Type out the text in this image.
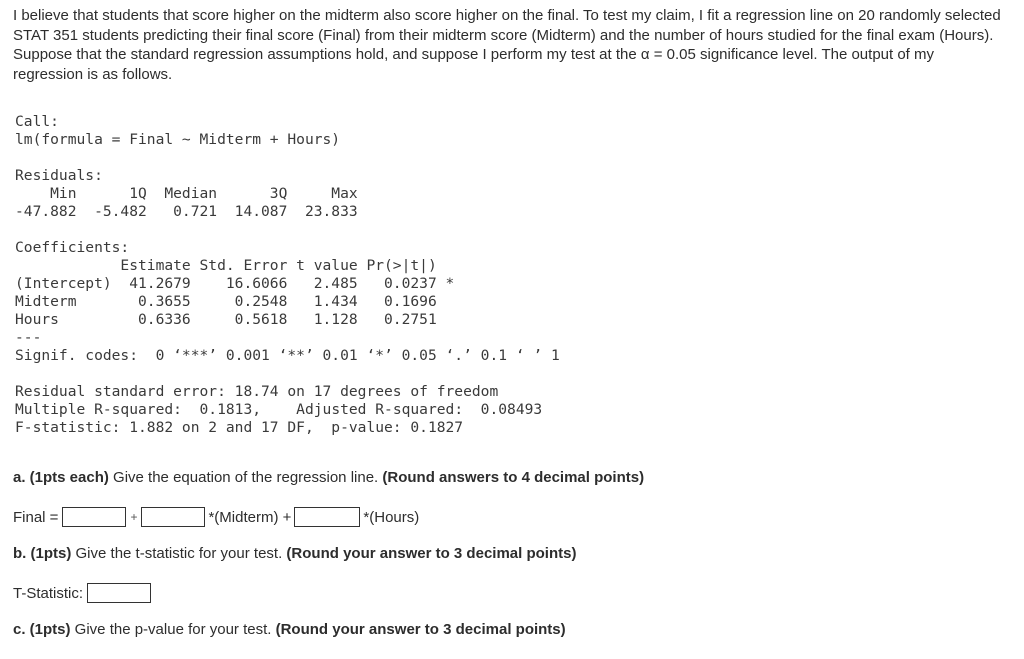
I believe that students that score higher on the midterm also score higher on the final. To test my claim, I fit a regression line on 20 randomly selected STAT 351 students predicting their final score (Final) from their midterm score (Midterm) and the number of hours studied for the final exam (Hours). Suppose that the standard regression assumptions hold, and suppose I perform my test at the α = 0.05 significance level. The output of my regression is as follows.

Call:
lm(formula = Final ~ Midterm + Hours)

Residuals:
Min      1Q  Median      3Q     Max
-47.882  -5.482   0.721  14.087  23.833

Coefficients:
Estimate Std. Error t value Pr(>|t|)
(Intercept)  41.2679    16.6066   2.485   0.0237 *
Midterm       0.3655     0.2548   1.434   0.1696
Hours         0.6336     0.5618   1.128   0.2751
---
Signif. codes:  0 ‘***’ 0.001 ‘**’ 0.01 ‘*’ 0.05 ‘.’ 0.1 ‘ ’ 1

Residual standard error: 18.74 on 17 degrees of freedom
Multiple R-squared:  0.1813,	Adjusted R-squared:  0.08493
F-statistic: 1.882 on 2 and 17 DF,  p-value: 0.1827
a. (1pts each) Give the equation of the regression line. (Round answers to 4 decimal points)
Final =	+	*(Midterm) +	*(Hours)
b. (1pts) Give the t-statistic for your test. (Round your answer to 3 decimal points)
T-Statistic:
c. (1pts) Give the p-value for your test. (Round your answer to 3 decimal points)
